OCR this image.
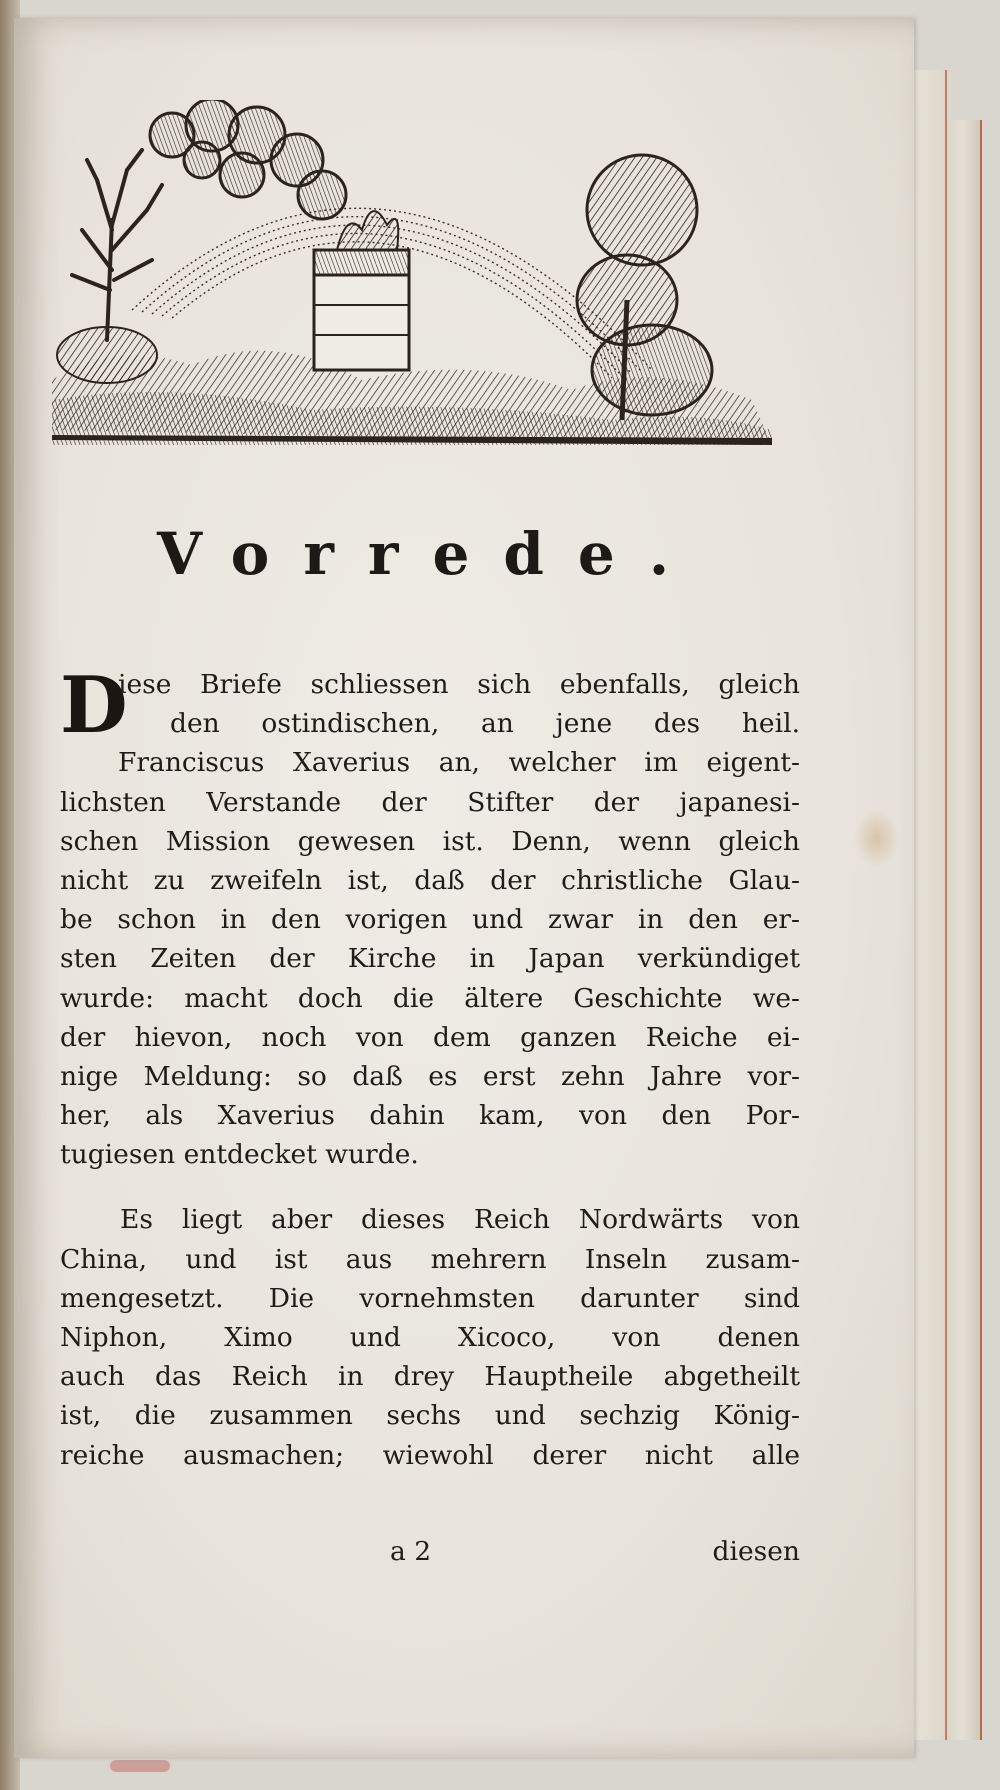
Vorrede.
D
iese Briefe schliessen sich ebenfalls, gleich
den ostindischen, an jene des heil.
Franciscus Xaverius an, welcher im eigent-
lichsten Verstande der Stifter der japanesi-
schen Mission gewesen ist. Denn, wenn gleich
nicht zu zweifeln ist, daß der christliche Glau-
be schon in den vorigen und zwar in den er-
sten Zeiten der Kirche in Japan verkündiget
wurde: macht doch die ältere Geschichte we-
der hievon, noch von dem ganzen Reiche ei-
nige Meldung: so daß es erst zehn Jahre vor-
her, als Xaverius dahin kam, von den Por-
tugiesen entdecket wurde.
Es liegt aber dieses Reich Nordwärts von
China, und ist aus mehrern Inseln zusam-
mengesetzt. Die vornehmsten darunter sind
Niphon, Ximo und Xicoco, von denen
auch das Reich in drey Hauptheile abgetheilt
ist, die zusammen sechs und sechzig König-
reiche ausmachen; wiewohl derer nicht alle
a 2	diesen
